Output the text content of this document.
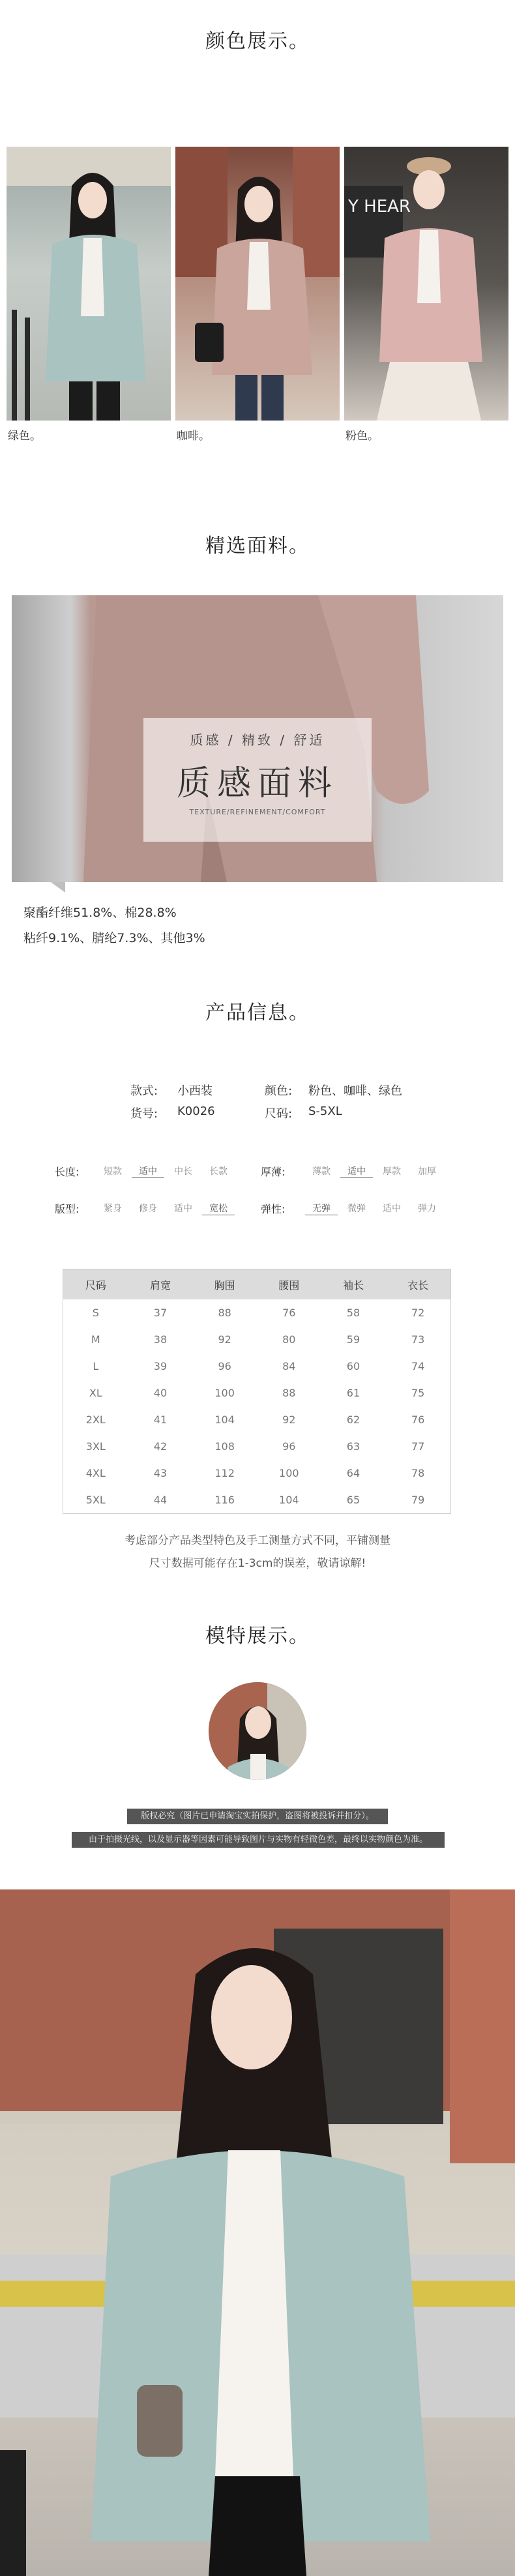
颜色展示。
绿色。	咖啡。
Y HEAR
粉色。
精选面料。
质感 / 精致 / 舒适
质感面料
TEXTURE/REFINEMENT/COMFORT
聚酯纤维51.8%、棉28.8%
粘纤9.1%、腈纶7.3%、其他3%
产品信息。
款式: 小西装	颜色: 粉色、咖啡、绿色
货号: K0026	尺码: S-5XL
长度:	短款	适中	中长	长款	厚薄:	薄款	适中	厚款	加厚
版型:	紧身	修身	适中	宽松	弹性:	无弹	微弹	适中	弹力
尺码	肩宽	胸围	腰围	袖长	衣长
S	37	88	76	58	72
M	38	92	80	59	73
L	39	96	84	60	74
XL	40	100	88	61	75
2XL	41	104	92	62	76
3XL	42	108	96	63	77
4XL	43	112	100	64	78
5XL	44	116	104	65	79
考虑部分产品类型特色及手工测量方式不同，平铺测量
尺寸数据可能存在1-3cm的误差，敬请谅解!
模特展示。
版权必究（图片已申请淘宝实拍保护，盗图将被投诉并扣分）。
由于拍摄光线，以及显示器等因素可能导致图片与实物有轻微色差，最终以实物颜色为准。
